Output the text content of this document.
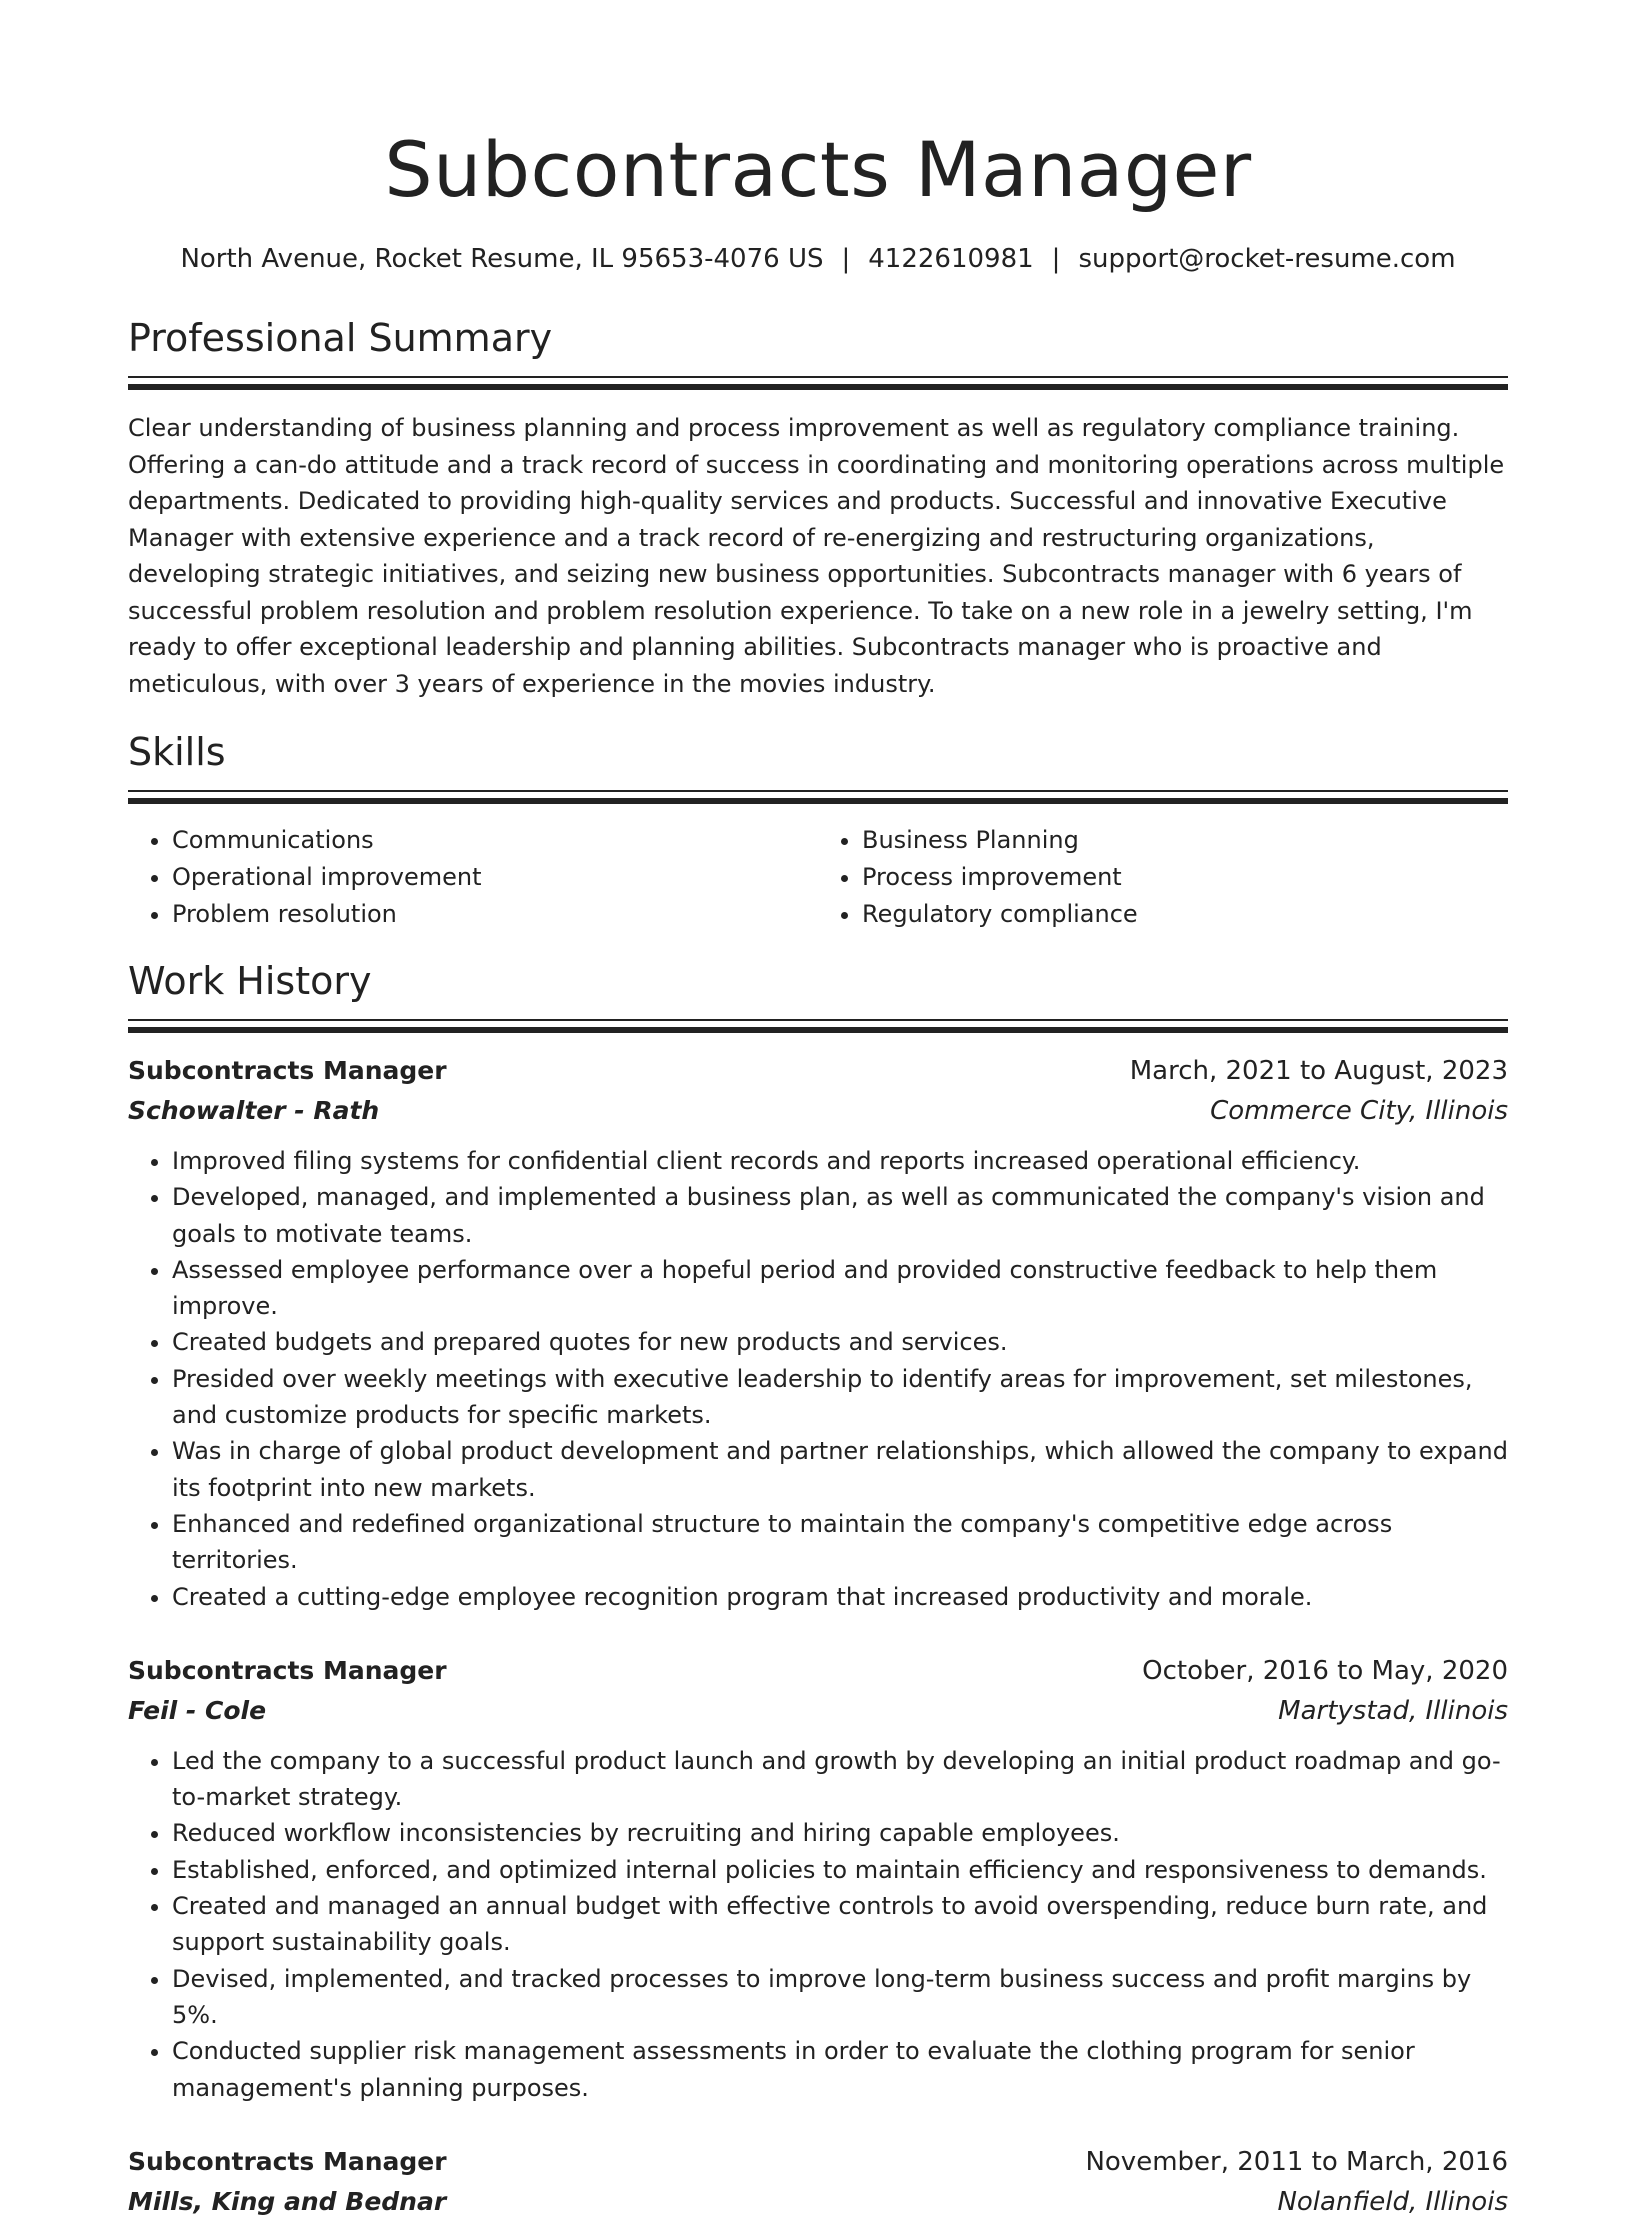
Subcontracts Manager
North Avenue, Rocket Resume, IL 95653-4076 US | 4122610981 | support@rocket-resume.com
Professional Summary

Clear understanding of business planning and process improvement as well as regulatory compliance training. Offering a can-do attitude and a track record of success in coordinating and monitoring operations across multiple departments. Dedicated to providing high-quality services and products. Successful and innovative Executive Manager with extensive experience and a track record of re-energizing and restructuring organizations, developing strategic initiatives, and seizing new business opportunities. Subcontracts manager with 6 years of successful problem resolution and problem resolution experience. To take on a new role in a jewelry setting, I'm ready to offer exceptional leadership and planning abilities. Subcontracts manager who is proactive and meticulous, with over 3 years of experience in the movies industry.

Skills
• Communications
• Operational improvement
• Problem resolution
• Business Planning
• Process improvement
• Regulatory compliance
Work History
Subcontracts Manager	March, 2021 to August, 2023
Schowalter - Rath	Commerce City, Illinois
• Improved filing systems for confidential client records and reports increased operational efficiency.
• Developed, managed, and implemented a business plan, as well as communicated the company's vision and goals to motivate teams.
• Assessed employee performance over a hopeful period and provided constructive feedback to help them improve.
• Created budgets and prepared quotes for new products and services.
• Presided over weekly meetings with executive leadership to identify areas for improvement, set milestones, and customize products for specific markets.
• Was in charge of global product development and partner relationships, which allowed the company to expand its footprint into new markets.
• Enhanced and redefined organizational structure to maintain the company's competitive edge across territories.
• Created a cutting-edge employee recognition program that increased productivity and morale.
Subcontracts Manager	October, 2016 to May, 2020
Feil - Cole	Martystad, Illinois
• Led the company to a successful product launch and growth by developing an initial product roadmap and go-to-market strategy.
• Reduced workflow inconsistencies by recruiting and hiring capable employees.
• Established, enforced, and optimized internal policies to maintain efficiency and responsiveness to demands.
• Created and managed an annual budget with effective controls to avoid overspending, reduce burn rate, and support sustainability goals.
• Devised, implemented, and tracked processes to improve long-term business success and profit margins by 5%.
• Conducted supplier risk management assessments in order to evaluate the clothing program for senior management's planning purposes.
Subcontracts Manager	November, 2011 to March, 2016
Mills, King and Bednar	Nolanfield, Illinois
